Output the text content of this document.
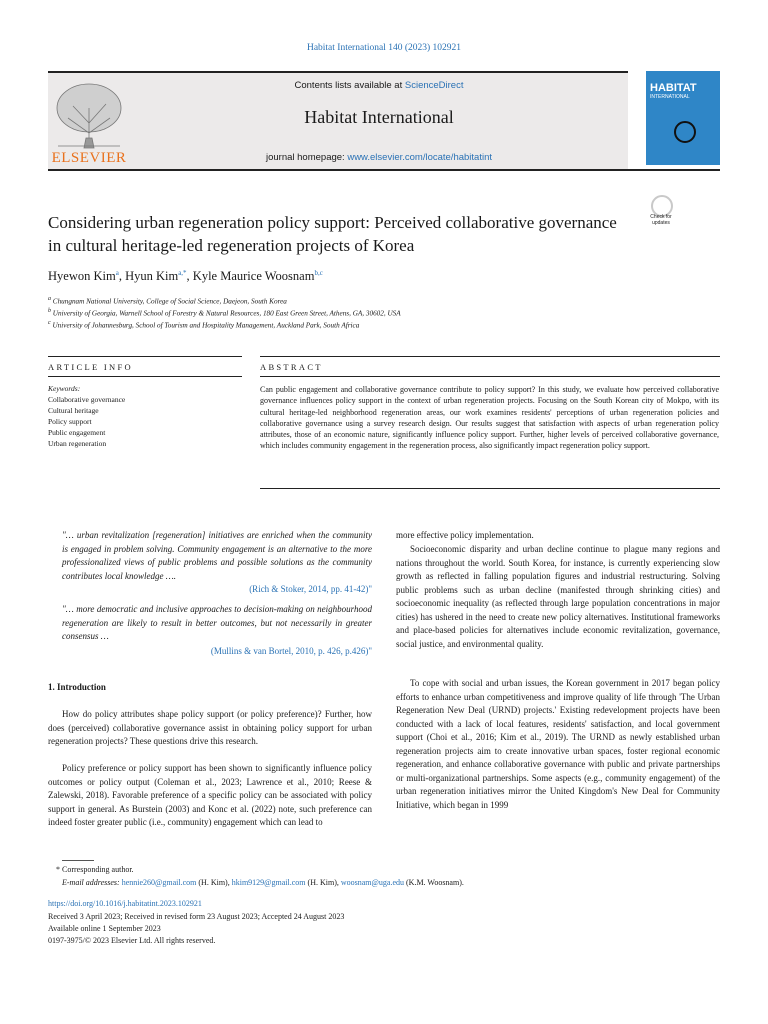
Habitat International 140 (2023) 102921
ELSEVIER
Contents lists available at ScienceDirect
Habitat International
journal homepage: www.elsevier.com/locate/habitatint
HABITAT
INTERNATIONAL
Considering urban regeneration policy support: Perceived collaborative governance in cultural heritage-led regeneration projects of Korea
Check for
updates
Hyewon Kim$^a$, Hyun Kim$^{a,*}$, Kyle Maurice Woosnam$^{b,c}$
$^a$ Chungnam National University, College of Social Science, Daejeon, South Korea
$^b$ University of Georgia, Warnell School of Forestry & Natural Resources, 180 East Green Street, Athens, GA, 30602, USA
$^c$ University of Johannesburg, School of Tourism and Hospitality Management, Auckland Park, South Africa
ARTICLE INFO	ABSTRACT
Keywords:
Collaborative governance
Cultural heritage
Policy support
Public engagement
Urban regeneration
Can public engagement and collaborative governance contribute to policy support? In this study, we evaluate how perceived collaborative governance influences policy support in the context of urban regeneration projects. Focusing on the South Korean city of Mokpo, with its cultural heritage-led neighborhood regeneration areas, our work examines residents' perceptions of urban regeneration policies and collaborative governance using a survey research design. Our results suggest that satisfaction with aspects of urban regeneration policy attributes, those of an economic nature, significantly influence policy support. Further, higher levels of perceived collaborative governance, which includes community engagement in the regeneration process, also significantly impact regeneration policy support.
"… urban revitalization [regeneration] initiatives are enriched when the community is engaged in problem solving. Community engagement is an alternative to the more professionalized views of public problems and possible solutions as the community contributes local knowledge ….
(Rich & Stoker, 2014, pp. 41-42)"
"… more democratic and inclusive approaches to decision-making on neighbourhood regeneration are likely to result in better outcomes, but not necessarily in greater consensus …
(Mullins & van Bortel, 2010, p. 426, p.426)"
1. Introduction
How do policy attributes shape policy support (or policy preference)? Further, how does (perceived) collaborative governance assist in obtaining policy support for urban regeneration projects? These questions drive this research.
Policy preference or policy support has been shown to significantly influence policy outcomes or policy output (Coleman et al., 2023; Lawrence et al., 2010; Reese & Zalewski, 2018). Favorable preference of a specific policy can be associated with policy support in general. As Burstein (2003) and Konc et al. (2022) note, such preference can indeed foster greater public (i.e., community) engagement which can lead to
more effective policy implementation.
Socioeconomic disparity and urban decline continue to plague many regions and nations throughout the world. South Korea, for instance, is currently experiencing slow growth as reflected in falling population figures and industrial restructuring. Solving public problems such as urban decline (manifested through shrinking cities) and socioeconomic inequality (as reflected through large population concentrations in major cities) has ushered in the need to create new policy alternatives. Institutional frameworks and place-based policies for alternatives include economic revitalization, governance, social justice, and environmental quality.
To cope with social and urban issues, the Korean government in 2017 began policy efforts to enhance urban competitiveness and improve quality of life through 'The Urban Regeneration New Deal (URND) projects.' Existing redevelopment projects have been conducted with a lack of local features, residents' satisfaction, and local government support (Choi et al., 2016; Kim et al., 2019). The URND as newly established urban regeneration projects aim to create innovative urban spaces, foster regional economic regeneration, and enhance collaborative governance with public and private partnerships or multi-organizational partnerships. Some aspects (e.g., community engagement) of the urban regeneration initiatives mirror the United Kingdom's New Deal for Community Initiative, which began in 1999
* Corresponding author.
E-mail addresses: hennie260@gmail.com (H. Kim), hkim9129@gmail.com (H. Kim), woosnam@uga.edu (K.M. Woosnam).
https://doi.org/10.1016/j.habitatint.2023.102921
Received 3 April 2023; Received in revised form 23 August 2023; Accepted 24 August 2023
Available online 1 September 2023
0197-3975/© 2023 Elsevier Ltd. All rights reserved.
